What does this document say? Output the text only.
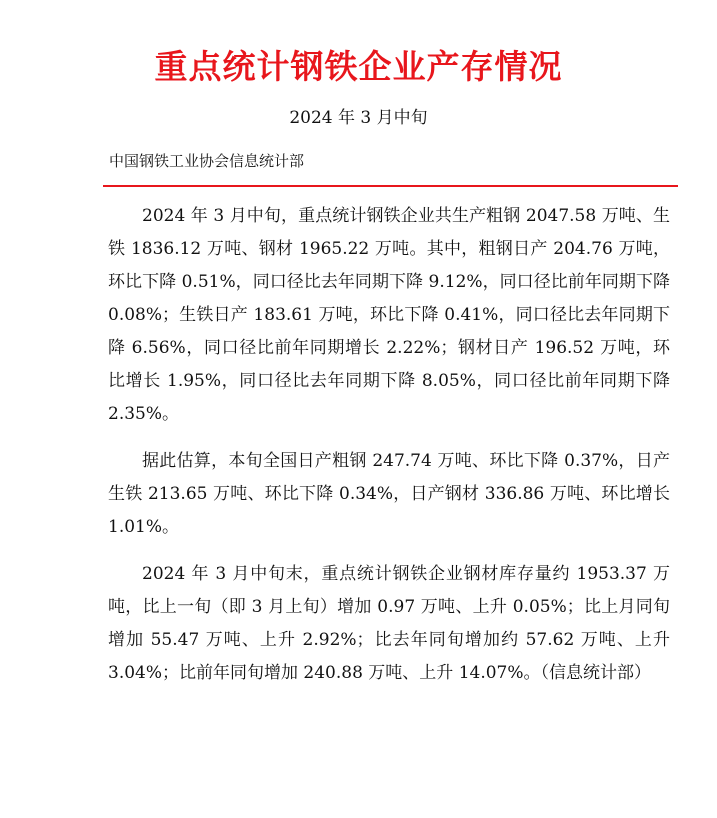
重点统计钢铁企业产存情况
2024 年 3 月中旬
中国钢铁工业协会信息统计部

2024 年 3 月中旬，重点统计钢铁企业共生产粗钢 2047.58 万吨、生铁 1836.12 万吨、钢材 1965.22 万吨。其中，粗钢日产 204.76 万吨，环比下降 0.51%，同口径比去年同期下降 9.12%，同口径比前年同期下降 0.08%；生铁日产 183.61 万吨，环比下降 0.41%，同口径比去年同期下降 6.56%，同口径比前年同期增长 2.22%；钢材日产 196.52 万吨，环比增长 1.95%，同口径比去年同期下降 8.05%，同口径比前年同期下降 2.35%。

据此估算，本旬全国日产粗钢 247.74 万吨、环比下降 0.37%，日产生铁 213.65 万吨、环比下降 0.34%，日产钢材 336.86 万吨、环比增长 1.01%。

2024 年 3 月中旬末，重点统计钢铁企业钢材库存量约 1953.37 万吨，比上一旬（即 3 月上旬）增加 0.97 万吨、上升 0.05%；比上月同旬增加 55.47 万吨、上升 2.92%；比去年同旬增加约 57.62 万吨、上升 3.04%；比前年同旬增加 240.88 万吨、上升 14.07%。（信息统计部）
